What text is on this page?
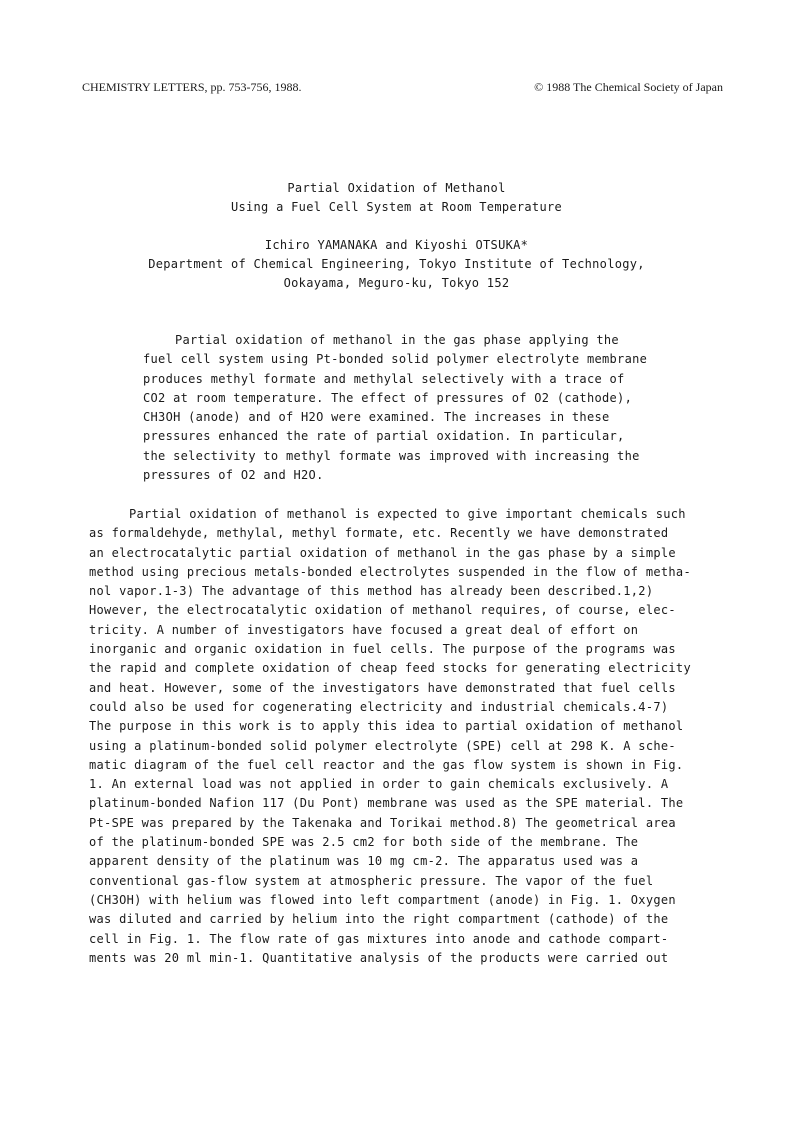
CHEMISTRY LETTERS, pp. 753-756, 1988.	© 1988 The Chemical Society of Japan
Partial Oxidation of Methanol
Using a Fuel Cell System at Room Temperature
Ichiro YAMANAKA and Kiyoshi OTSUKA*
Department of Chemical Engineering, Tokyo Institute of Technology,
Ookayama, Meguro-ku, Tokyo 152
Partial oxidation of methanol in the gas phase applying the
fuel cell system using Pt-bonded solid polymer electrolyte membrane
produces methyl formate and methylal selectively with a trace of
CO2 at room temperature. The effect of pressures of O2 (cathode),
CH3OH (anode) and of H2O were examined. The increases in these
pressures enhanced the rate of partial oxidation. In particular,
the selectivity to methyl formate was improved with increasing the
pressures of O2 and H2O.
Partial oxidation of methanol is expected to give important chemicals such
as formaldehyde, methylal, methyl formate, etc. Recently we have demonstrated
an electrocatalytic partial oxidation of methanol in the gas phase by a simple
method using precious metals-bonded electrolytes suspended in the flow of metha-
nol vapor.1-3) The advantage of this method has already been described.1,2)
However, the electrocatalytic oxidation of methanol requires, of course, elec-
tricity. A number of investigators have focused a great deal of effort on
inorganic and organic oxidation in fuel cells. The purpose of the programs was
the rapid and complete oxidation of cheap feed stocks for generating electricity
and heat. However, some of the investigators have demonstrated that fuel cells
could also be used for cogenerating electricity and industrial chemicals.4-7)
The purpose in this work is to apply this idea to partial oxidation of methanol
using a platinum-bonded solid polymer electrolyte (SPE) cell at 298 K. A sche-
matic diagram of the fuel cell reactor and the gas flow system is shown in Fig.
1. An external load was not applied in order to gain chemicals exclusively. A
platinum-bonded Nafion 117 (Du Pont) membrane was used as the SPE material. The
Pt-SPE was prepared by the Takenaka and Torikai method.8) The geometrical area
of the platinum-bonded SPE was 2.5 cm2 for both side of the membrane. The
apparent density of the platinum was 10 mg cm-2. The apparatus used was a
conventional gas-flow system at atmospheric pressure. The vapor of the fuel
(CH3OH) with helium was flowed into left compartment (anode) in Fig. 1. Oxygen
was diluted and carried by helium into the right compartment (cathode) of the
cell in Fig. 1. The flow rate of gas mixtures into anode and cathode compart-
ments was 20 ml min-1. Quantitative analysis of the products were carried out
